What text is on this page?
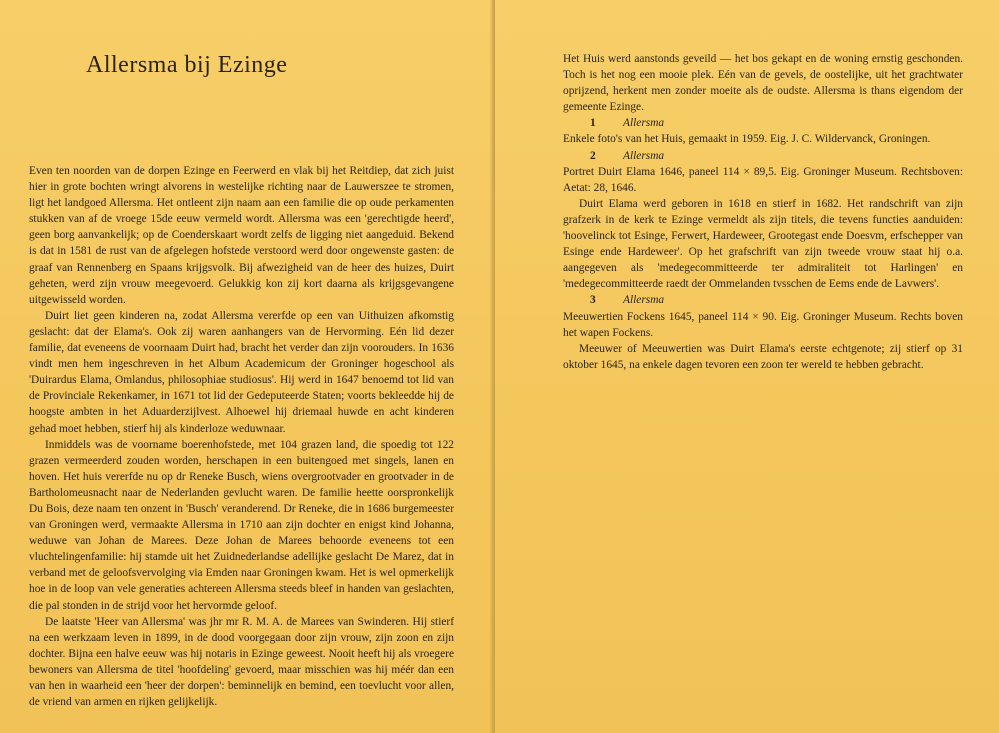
Allersma bij Ezinge

Even ten noorden van de dorpen Ezinge en Feerwerd en vlak bij het Reitdiep, dat zich juist hier in grote bochten wringt alvorens in westelijke richting naar de Lauwerszee te stromen, ligt het landgoed Allersma. Het ontleent zijn naam aan een familie die op oude perkamenten stukken van af de vroege 15de eeuw vermeld wordt. Allersma was een 'gerechtigde heerd', geen borg aanvankelijk; op de Coenderskaart wordt zelfs de ligging niet aangeduid. Bekend is dat in 1581 de rust van de afgelegen hofstede verstoord werd door ongewenste gasten: de graaf van Rennenberg en Spaans krijgsvolk. Bij afwezigheid van de heer des huizes, Duirt geheten, werd zijn vrouw meegevoerd. Gelukkig kon zij kort daarna als krijgsgevangene uitgewisseld worden.

Duirt liet geen kinderen na, zodat Allersma vererfde op een van Uithuizen afkomstig geslacht: dat der Elama's. Ook zij waren aanhangers van de Hervorming. Eén lid dezer familie, dat eveneens de voornaam Duirt had, bracht het verder dan zijn voorouders. In 1636 vindt men hem ingeschreven in het Album Academicum der Groninger hogeschool als 'Duirardus Elama, Omlandus, philosophiae studiosus'. Hij werd in 1647 benoemd tot lid van de Provinciale Rekenkamer, in 1671 tot lid der Gedeputeerde Staten; voorts bekleedde hij de hoogste ambten in het Aduarderzijlvest. Alhoewel hij driemaal huwde en acht kinderen gehad moet hebben, stierf hij als kinderloze weduwnaar.

Inmiddels was de voorname boerenhofstede, met 104 grazen land, die spoedig tot 122 grazen vermeerderd zouden worden, herschapen in een buitengoed met singels, lanen en hoven. Het huis vererfde nu op dr Reneke Busch, wiens overgrootvader en grootvader in de Bartholomeusnacht naar de Nederlanden gevlucht waren. De familie heette oorspronkelijk Du Bois, deze naam ten onzent in 'Busch' veranderend. Dr Reneke, die in 1686 burgemeester van Groningen werd, vermaakte Allersma in 1710 aan zijn dochter en enigst kind Johanna, weduwe van Johan de Marees. Deze Johan de Marees behoorde eveneens tot een vluchtelingenfamilie: hij stamde uit het Zuidnederlandse adellijke geslacht De Marez, dat in verband met de geloofsvervolging via Emden naar Groningen kwam. Het is wel opmerkelijk hoe in de loop van vele generaties achtereen Allersma steeds bleef in handen van geslachten, die pal stonden in de strijd voor het hervormde geloof.

De laatste 'Heer van Allersma' was jhr mr R. M. A. de Marees van Swinderen. Hij stierf na een werkzaam leven in 1899, in de dood voorgegaan door zijn vrouw, zijn zoon en zijn dochter. Bijna een halve eeuw was hij notaris in Ezinge geweest. Nooit heeft hij als vroegere bewoners van Allersma de titel 'hoofdeling' gevoerd, maar misschien was hij méér dan een van hen in waarheid een 'heer der dorpen': beminnelijk en bemind, een toevlucht voor allen, de vriend van armen en rijken gelijkelijk.

Het Huis werd aanstonds geveild — het bos gekapt en de woning ernstig geschonden. Toch is het nog een mooie plek. Eén van de gevels, de oostelijke, uit het grachtwater oprijzend, herkent men zonder moeite als de oudste. Allersma is thans eigendom der gemeente Ezinge.

1	Allersma

Enkele foto's van het Huis, gemaakt in 1959. Eig. J. C. Wildervanck, Groningen.

2	Allersma

Portret Duirt Elama 1646, paneel 114 × 89,5. Eig. Groninger Museum. Rechtsboven: Aetat: 28, 1646.

Duirt Elama werd geboren in 1618 en stierf in 1682. Het randschrift van zijn grafzerk in de kerk te Ezinge vermeldt als zijn titels, die tevens functies aanduiden: 'hoovelinck tot Esinge, Ferwert, Hardeweer, Grootegast ende Doesvm, erfschepper van Esinge ende Hardeweer'. Op het grafschrift van zijn tweede vrouw staat hij o.a. aangegeven als 'medegecommitteerde ter admiraliteit tot Harlingen' en 'medegecommitteerde raedt der Ommelanden tvsschen de Eems ende de Lavwers'.

3	Allersma

Meeuwertien Fockens 1645, paneel 114 × 90. Eig. Groninger Museum. Rechts boven het wapen Fockens.

Meeuwer of Meeuwertien was Duirt Elama's eerste echtgenote; zij stierf op 31 oktober 1645, na enkele dagen tevoren een zoon ter wereld te hebben gebracht.
